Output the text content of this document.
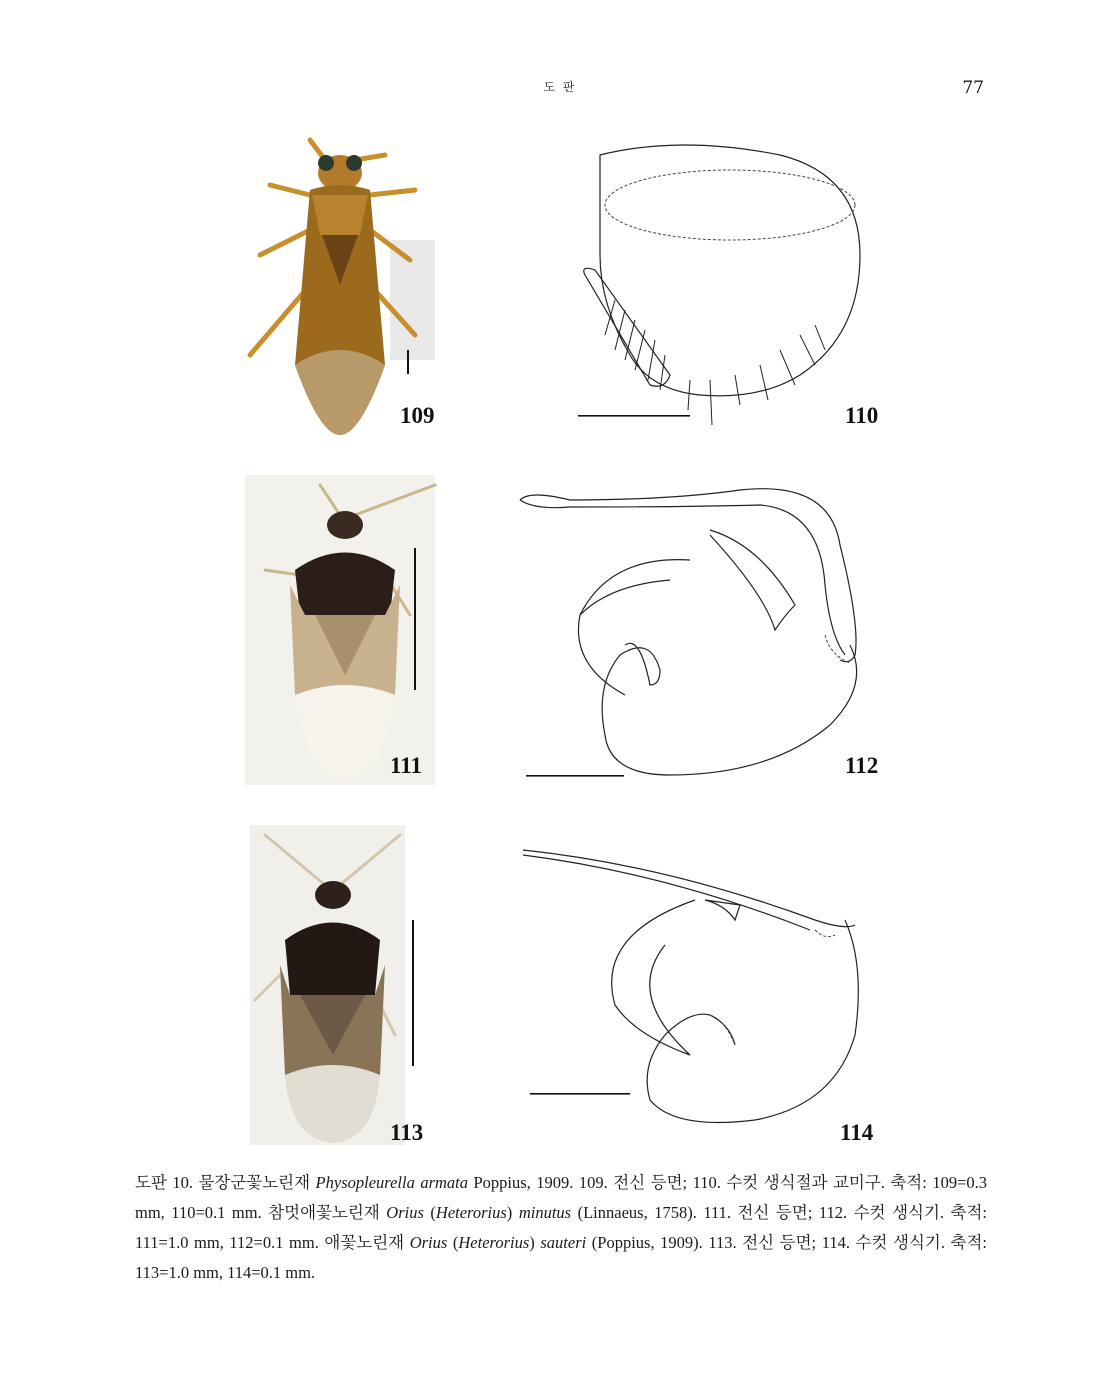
도 판	77
109	110
111	112
113	114
도판 10. 물장군꽃노린재 Physopleurella armata Poppius, 1909. 109. 전신 등면; 110. 수컷 생식절과 교미구. 축적: 109=0.3 mm, 110=0.1 mm. 참멋애꽃노린재 Orius (Heterorius) minutus (Linnaeus, 1758). 111. 전신 등면; 112. 수컷 생식기. 축적: 111=1.0 mm, 112=0.1 mm. 애꽃노린재 Orius (Heterorius) sauteri (Poppius, 1909). 113. 전신 등면; 114. 수컷 생식기. 축적: 113=1.0 mm, 114=0.1 mm.
